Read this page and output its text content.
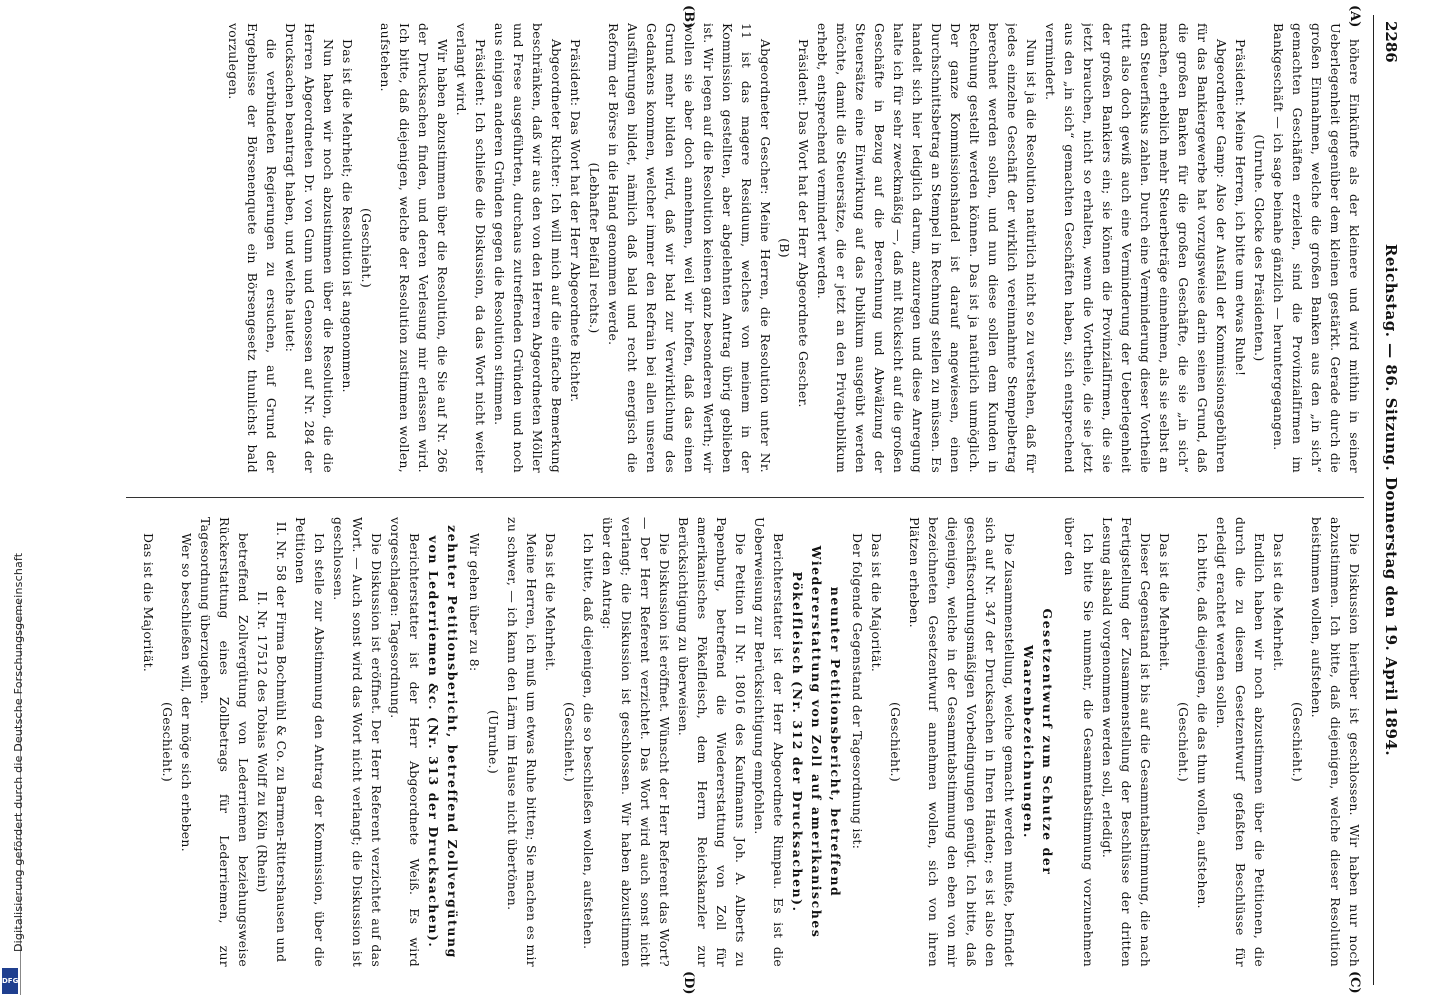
2286
Reichstag. — 86. Sitzung. Donnerstag den 19. April 1894.
(A)
(B)
(C)
(D)

höhere Einkünfte als der kleinere und wird mithin in seiner Ueberlegenheit gegenüber dem kleinen gestärkt. Gerade durch die großen Einnahmen, welche die großen Banken aus den „in sich“ gemachten Geschäften erzielen, sind die Provinzialfirmen im Bankgeschäft — ich sage beinahe gänzlich — heruntergegangen.

(Unruhe. Glocke des Präsidenten.)

Präsident: Meine Herren, ich bitte um etwas Ruhe!

Abgeordneter Gamp: Also der Ausfall der Kommissionsgebühren für das Bankiergewerbe hat vorzugsweise darin seinen Grund, daß die großen Banken für die großen Geschäfte, die sie „in sich“ machen, erheblich mehr Steuerbeträge einnehmen, als sie selbst an den Steuerfiskus zahlen. Durch eine Verminderung dieser Vortheile tritt also doch gewiß auch eine Verminderung der Ueberlegenheit der großen Bankiers ein; sie können die Provinzialfirmen, die sie jetzt brauchen, nicht so erhalten, wenn die Vortheile, die sie jetzt aus den „in sich“ gemachten Geschäften haben, sich entsprechend vermindert.

Nun ist ja die Resolution natürlich nicht so zu verstehen, daß für jedes einzelne Geschäft der wirklich vereinnahmte Stempelbetrag berechnet werden sollen, und nun diese sollen dem Kunden in Rechnung gestellt werden können. Das ist ja natürlich unmöglich. Der ganze Kommissionshandel ist darauf angewiesen, einen Durchschnittsbetrag an Stempel in Rechnung stellen zu müssen. Es handelt sich hier lediglich darum, anzuregen und diese Anregung halte ich für sehr zweckmäßig —, daß mit Rücksicht auf die großen Geschäfte in Bezug auf die Berechnung und Abwälzung der Steuersätze eine Einwirkung auf das Publikum ausgeübt werden möchte, damit die Steuersätze, die er jetzt an den Privatpublikum erhebt, entsprechend vermindert werden.

Präsident: Das Wort hat der Herr Abgeordnete Gescher.

(B)

Abgeordneter Gescher: Meine Herren, die Resolution unter Nr. 11 ist das magere Residuum, welches von meinem in der Kommission gestellten, aber abgelehnten Antrag übrig geblieben ist. Wir legen auf die Resolution keinen ganz besonderen Werth; wir wollen sie aber doch annehmen, weil wir hoffen, daß das einen Grund mehr bilden wird, daß wir bald zur Verwirklichung des Gedankens kommen, welcher immer den Refrain bei allen unseren Ausführungen bildet, nämlich daß bald und recht energisch die Reform der Börse in die Hand genommen werde.

(Lebhafter Beifall rechts.)

Präsident: Das Wort hat der Herr Abgeordnete Richter.

Abgeordneter Richter: Ich will mich auf die einfache Bemerkung beschränken, daß wir aus den von den Herren Abgeordneten Möller und Frese ausgeführten, durchaus zutreffenden Gründen und noch aus einigen anderen Gründen gegen die Resolution stimmen.

Präsident: Ich schließe die Diskussion, da das Wort nicht weiter verlangt wird.

Wir haben abzustimmen über die Resolution, die Sie auf Nr. 266 der Drucksachen finden, und deren Verlesung mir erlassen wird. Ich bitte, daß diejenigen, welche der Resolution zustimmen wollen, aufstehen.

(Geschieht.)

Das ist die Mehrheit; die Resolution ist angenommen.

Nun haben wir noch abzustimmen über die Resolution, die die Herren Abgeordneten Dr. von Gunn und Genossen auf Nr. 284 der Drucksachen beantragt haben, und welche lautet:

die verbündeten Regierungen zu ersuchen, auf Grund der Ergebnisse der Börsenenquete ein Börsengesetz thunlichst bald vorzulegen.

Die Diskussion hierüber ist geschlossen. Wir haben nur noch abzustimmen. Ich bitte, daß diejenigen, welche dieser Resolution beistimmen wollen, aufstehen.

(Geschieht.)

Das ist die Mehrheit.

Endlich haben wir noch abzustimmen über die Petitionen, die durch die zu diesem Gesetzentwurf gefaßten Beschlüsse für erledigt erachtet werden sollen.

Ich bitte, daß diejenigen, die das thun wollen, aufstehen.

(Geschieht.)

Das ist die Mehrheit.

Dieser Gegenstand ist bis auf die Gesammtabstimmung, die nach Fertigstellung der Zusammenstellung der Beschlüsse der dritten Lesung alsbald vorgenommen werden soll, erledigt.

Ich bitte Sie nunmehr, die Gesammtabstimmung vorzunehmen über den

Gesetzentwurf zum Schutze der Waarenbezeichnungen.

Die Zusammenstellung, welche gemacht werden mußte, befindet sich auf Nr. 347 der Drucksachen in Ihren Händen; es ist also den geschäftsordnungsmäßigen Vorbedingungen genügt. Ich bitte, daß diejenigen, welche in der Gesammtabstimmung den eben von mir bezeichneten Gesetzentwurf annehmen wollen, sich von ihren Plätzen erheben.

(Geschieht.)

Das ist die Majorität.

Der folgende Gegenstand der Tagesordnung ist:

neunter Petitionsbericht, betreffend Wiedererstattung von Zoll auf amerikanisches Pökelfleisch (Nr. 312 der Drucksachen).

Berichterstatter ist der Herr Abgeordnete Rimpau. Es ist die Ueberweisung zur Berücksichtigung empfohlen.

Die Petition II Nr. 18016 des Kaufmanns Joh. A. Alberts zu Papenburg, betreffend die Wiedererstattung von Zoll für amerikanisches Pökelfleisch, dem Herrn Reichskanzler zur Berücksichtigung zu überweisen.

Die Diskussion ist eröffnet. Wünscht der Herr Referent das Wort? — Der Herr Referent verzichtet. Das Wort wird auch sonst nicht verlangt; die Diskussion ist geschlossen. Wir haben abzustimmen über den Antrag:

Ich bitte, daß diejenigen, die so beschließen wollen, aufstehen.

(Geschieht.)

Das ist die Mehrheit.

Meine Herren, ich muß um etwas Ruhe bitten; Sie machen es mir zu schwer, — ich kann den Lärm im Hause nicht übertönen.

(Unruhe.)

Wir gehen über zu 8:

zehnter Petitionsbericht, betreffend Zollvergütung von Lederriemen &c. (Nr. 313 der Drucksachen).

Berichterstatter ist der Herr Abgeordnete Weiß. Es wird vorgeschlagen: Tagesordnung.

Die Diskussion ist eröffnet. Der Herr Referent verzichtet auf das Wort. — Auch sonst wird das Wort nicht verlangt; die Diskussion ist geschlossen.

Ich stelle zur Abstimmung den Antrag der Kommission, über die Petitionen

II. Nr. 58 der Firma Bochmühl & Co. zu Barmen-Rittershausen und

II. Nr. 17512 des Tobias Wolff zu Köln (Rhein)

betreffend Zollvergütung von Lederriemen beziehungsweise Rückerstattung eines Zollbetrags für Lederriemen, zur Tagesordnung überzugehen.

Wer so beschließen will, der möge sich erheben.

(Geschieht.)

Das ist die Majorität.

Digitalisierung gefördert durch die Deutsche Forschungsgemeinschaft
DFG
